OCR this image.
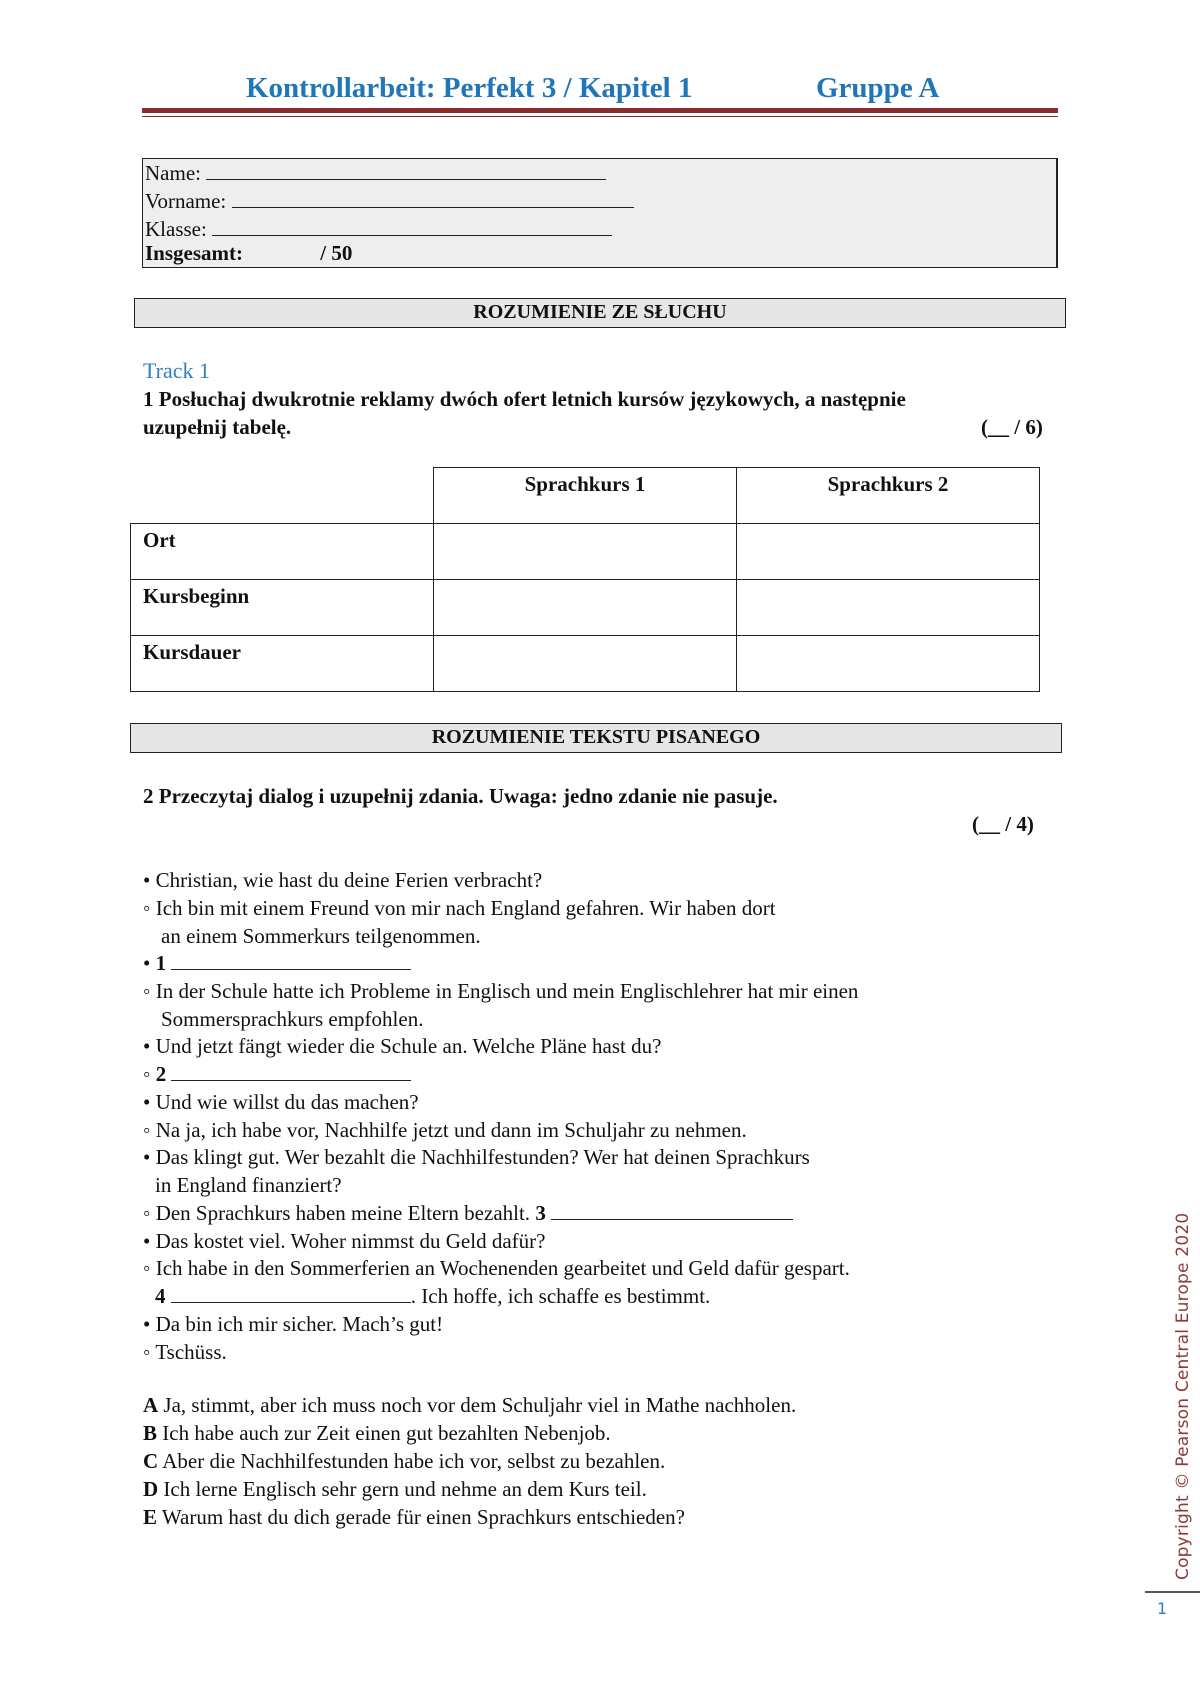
Kontrollarbeit: Perfekt 3 / Kapitel 1	Gruppe A
Name:
Vorname:
Klasse:
Insgesamt:	/ 50
ROZUMIENIE ZE SŁUCHU
Track 1
1 Posłuchaj dwukrotnie reklamy dwóch ofert letnich kursów językowych, a następnie
uzupełnij tabelę.	(__ / 6)
	Sprachkurs 1	Sprachkurs 2
Ort		
Kursbeginn		
Kursdauer		
ROZUMIENIE TEKSTU PISANEGO
2 Przeczytaj dialog i uzupełnij zdania. Uwaga: jedno zdanie nie pasuje.
(__ / 4)
• Christian, wie hast du deine Ferien verbracht?
◦ Ich bin mit einem Freund von mir nach England gefahren. Wir haben dort
an einem Sommerkurs teilgenommen.
• 1
◦ In der Schule hatte ich Probleme in Englisch und mein Englischlehrer hat mir einen
Sommersprachkurs empfohlen.
• Und jetzt fängt wieder die Schule an. Welche Pläne hast du?
◦ 2
• Und wie willst du das machen?
◦ Na ja, ich habe vor, Nachhilfe jetzt und dann im Schuljahr zu nehmen.
• Das klingt gut. Wer bezahlt die Nachhilfestunden? Wer hat deinen Sprachkurs
in England finanziert?
◦ Den Sprachkurs haben meine Eltern bezahlt. 3
• Das kostet viel. Woher nimmst du Geld dafür?
◦ Ich habe in den Sommerferien an Wochenenden gearbeitet und Geld dafür gespart.
4	. Ich hoffe, ich schaffe es bestimmt.
• Da bin ich mir sicher. Mach’s gut!
◦ Tschüss.
A Ja, stimmt, aber ich muss noch vor dem Schuljahr viel in Mathe nachholen.
B Ich habe auch zur Zeit einen gut bezahlten Nebenjob.
C Aber die Nachhilfestunden habe ich vor, selbst zu bezahlen.
D Ich lerne Englisch sehr gern und nehme an dem Kurs teil.
E Warum hast du dich gerade für einen Sprachkurs entschieden?	Copyright © Pearson Central Europe 2020
1
